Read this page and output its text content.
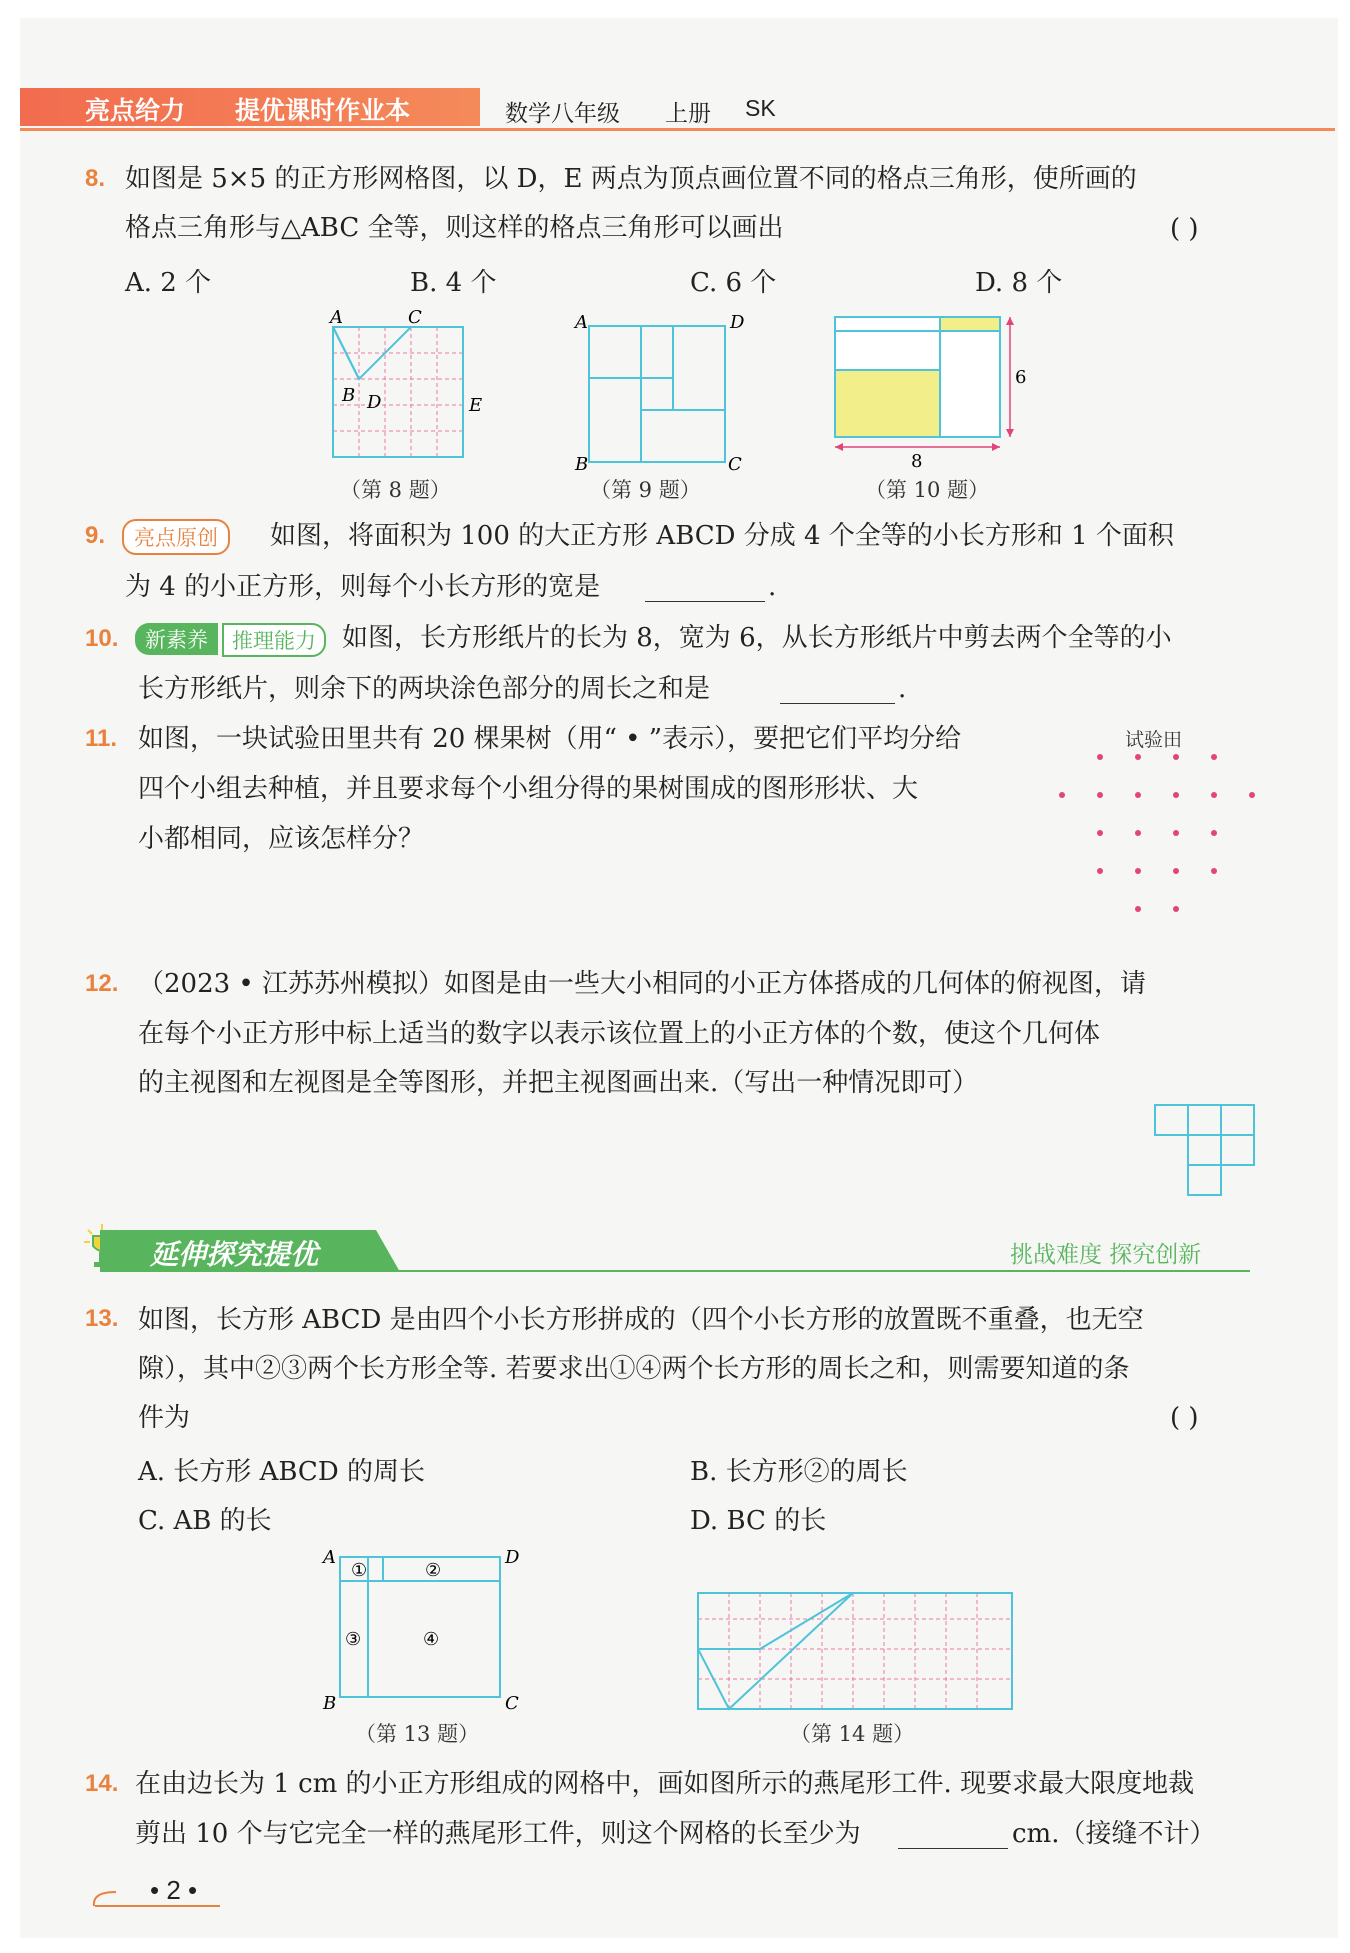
亮点给力 提优课时作业本	数学八年级 上册 SK
8. 如图是 5×5 的正方形网格图，以 D，E 两点为顶点画位置不同的格点三角形，使所画的
格点三角形与△ABC 全等，则这样的格点三角形可以画出	( )
A. 2 个	B. 4 个	C. 6 个	D. 8 个
A	C
B D	E
（第 8 题）
A	D
B	C
（第 9 题）
6
8
（第 10 题）
9.	亮点原创	如图，将面积为 100 的大正方形 ABCD 分成 4 个全等的小长方形和 1 个面积
为 4 的小正方形，则每个小长方形的宽是	.
10.	新素养	推理能力	如图，长方形纸片的长为 8，宽为 6，从长方形纸片中剪去两个全等的小
长方形纸片，则余下的两块涂色部分的周长之和是	.
11. 如图，一块试验田里共有 20 棵果树（用“ • ”表示），要把它们平均分给
四个小组去种植，并且要求每个小组分得的果树围成的图形形状、大
小都相同，应该怎样分？
试验田
12. （2023 • 江苏苏州模拟）如图是由一些大小相同的小正方体搭成的几何体的俯视图，请
在每个小正方形中标上适当的数字以表示该位置上的小正方体的个数，使这个几何体
的主视图和左视图是全等图形，并把主视图画出来.（写出一种情况即可）
延伸探究提优	挑战难度 探究创新
13. 如图，长方形 ABCD 是由四个小长方形拼成的（四个小长方形的放置既不重叠，也无空
隙），其中②③两个长方形全等. 若要求出①④两个长方形的周长之和，则需要知道的条
件为	( )
A. 长方形 ABCD 的周长	B. 长方形②的周长
C. AB 的长	D. BC 的长
A	D
B	C
①	②
③	④
（第 13 题）	（第 14 题）
14. 在由边长为 1 cm 的小正方形组成的网格中，画如图所示的燕尾形工件. 现要求最大限度地裁
剪出 10 个与它完全一样的燕尾形工件，则这个网格的长至少为	cm.（接缝不计）
• 2 •
